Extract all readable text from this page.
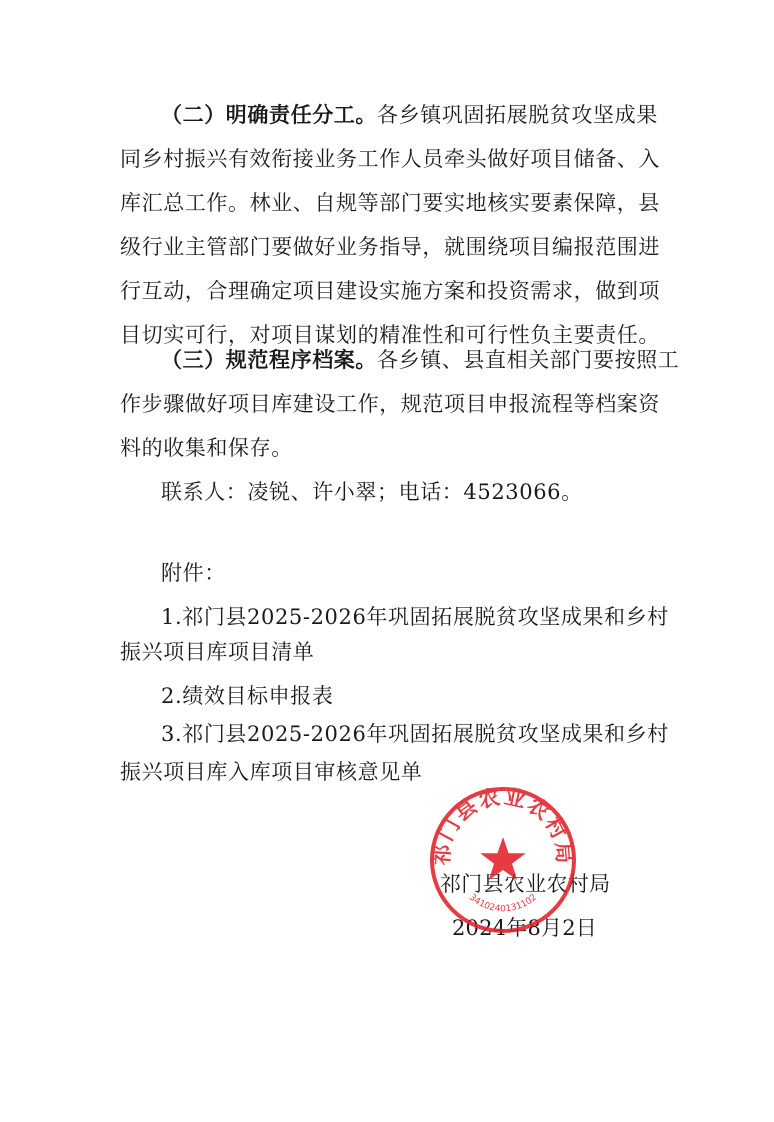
（二）明确责任分工。各乡镇巩固拓展脱贫攻坚成果
同乡村振兴有效衔接业务工作人员牵头做好项目储备、入
库汇总工作。林业、自规等部门要实地核实要素保障，县
级行业主管部门要做好业务指导，就围绕项目编报范围进
行互动，合理确定项目建设实施方案和投资需求，做到项
目切实可行，对项目谋划的精准性和可行性负主要责任。
（三）规范程序档案。各乡镇、县直相关部门要按照工
作步骤做好项目库建设工作，规范项目申报流程等档案资
料的收集和保存。
联系人：凌锐、许小翠；电话：4523066。
附件：
1.祁门县2025-2026年巩固拓展脱贫攻坚成果和乡村
振兴项目库项目清单
2.绩效目标申报表
3.祁门县2025-2026年巩固拓展脱贫攻坚成果和乡村
振兴项目库入库项目审核意见单
祁门县农业农村局
2024年8月2日
祁门县农业农村局
3410240131102
